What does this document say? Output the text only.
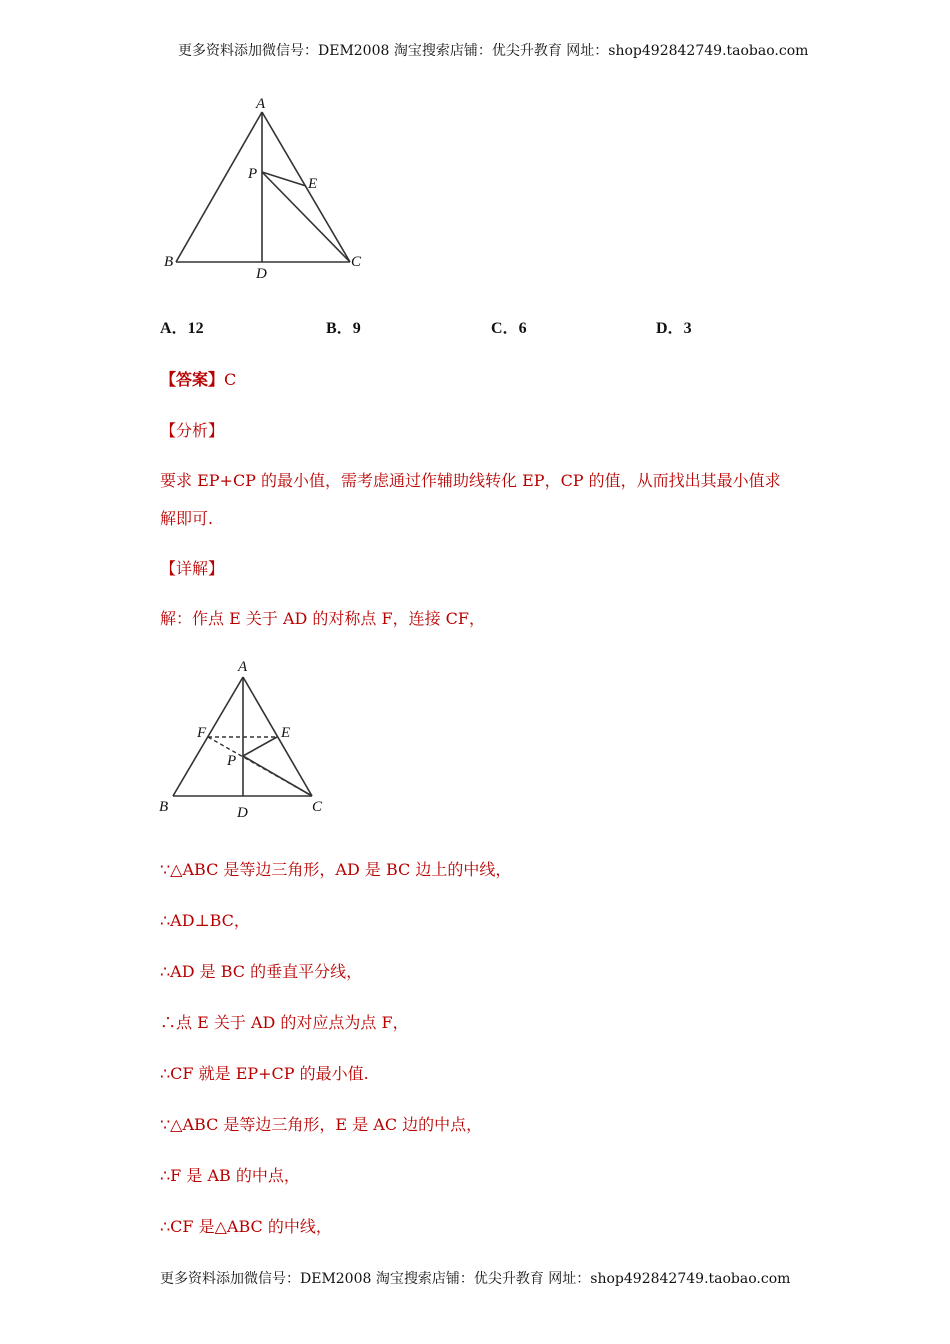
更多资料添加微信号：DEM2008 淘宝搜索店铺：优尖升教育 网址：shop492842749.taobao.com
A
B	C
D
E
P
A．12	B．9	C．6	D．3
【答案】C
【分析】
要求 EP+CP 的最小值，需考虑通过作辅助线转化 EP，CP 的值，从而找出其最小值求
解即可.
【详解】
解：作点 E 关于 AD 的对称点 F，连接 CF，
A
B	C
D
E
F
P
∵△ABC 是等边三角形，AD 是 BC 边上的中线，
∴AD⊥BC，
∴AD 是 BC 的垂直平分线，
∴点 E 关于 AD 的对应点为点 F，
∴CF 就是 EP+CP 的最小值.
∵△ABC 是等边三角形，E 是 AC 边的中点，
∴F 是 AB 的中点，
∴CF 是△ABC 的中线，
更多资料添加微信号：DEM2008 淘宝搜索店铺：优尖升教育 网址：shop492842749.taobao.com
